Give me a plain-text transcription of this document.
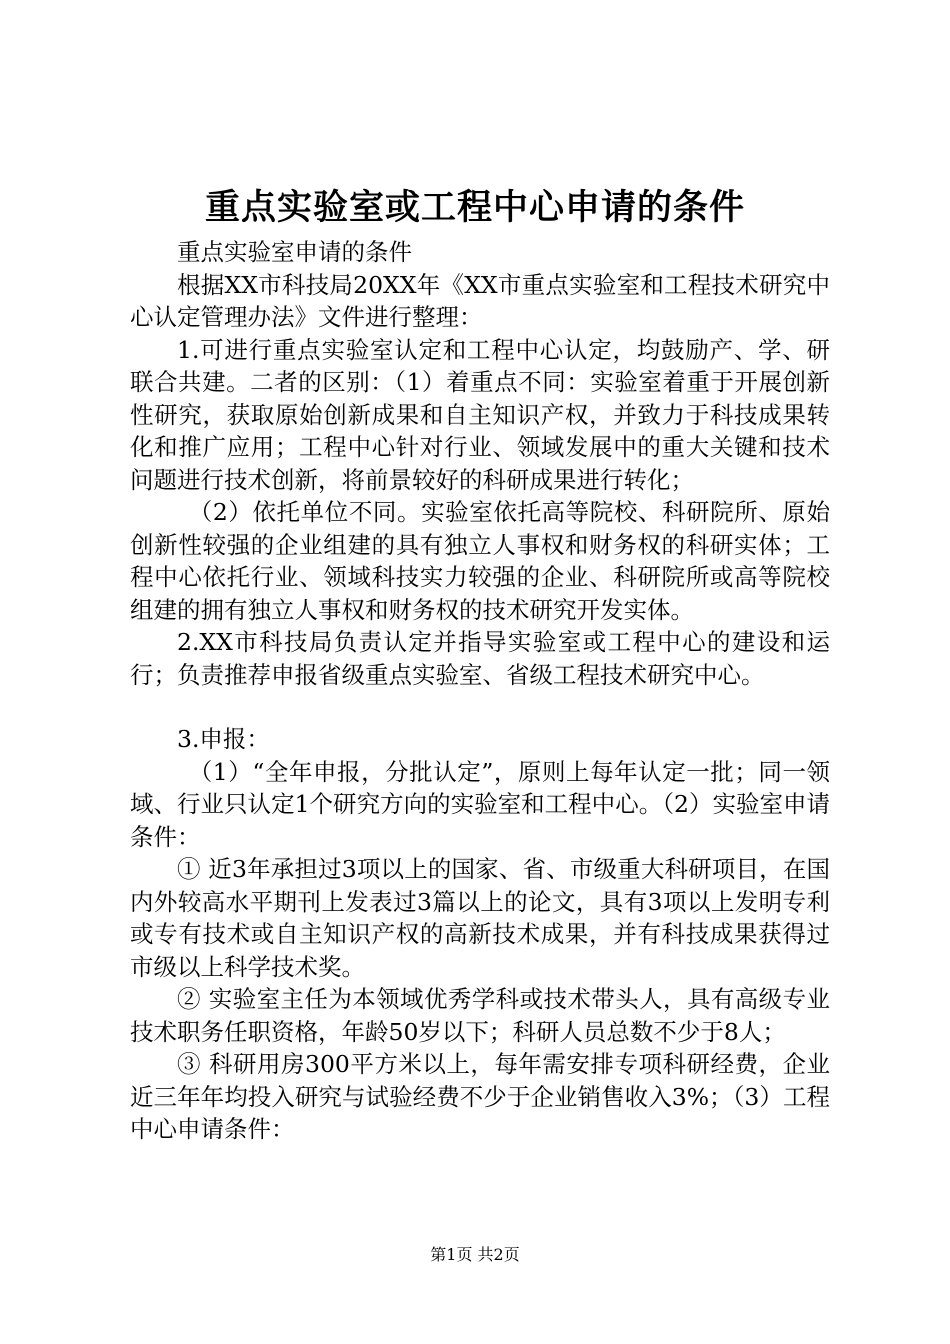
重点实验室或工程中心申请的条件

重点实验室申请的条件

根据XX市科技局20XX年《XX市重点实验室和工程技术研究中心认定管理办法》文件进行整理：

1.可进行重点实验室认定和工程中心认定，均鼓励产、学、研联合共建。二者的区别：（1）着重点不同：实验室着重于开展创新性研究，获取原始创新成果和自主知识产权，并致力于科技成果转化和推广应用；工程中心针对行业、领域发展中的重大关键和技术问题进行技术创新，将前景较好的科研成果进行转化；

（2）依托单位不同。实验室依托高等院校、科研院所、原始创新性较强的企业组建的具有独立人事权和财务权的科研实体；工程中心依托行业、领域科技实力较强的企业、科研院所或高等院校组建的拥有独立人事权和财务权的技术研究开发实体。

2.XX市科技局负责认定并指导实验室或工程中心的建设和运行；负责推荐申报省级重点实验室、省级工程技术研究中心。

3.申报：

（1）“全年申报，分批认定”，原则上每年认定一批；同一领域、行业只认定1个研究方向的实验室和工程中心。（2）实验室申请条件：

① 近3年承担过3项以上的国家、省、市级重大科研项目，在国内外较高水平期刊上发表过3篇以上的论文，具有3项以上发明专利或专有技术或自主知识产权的高新技术成果，并有科技成果获得过市级以上科学技术奖。

② 实验室主任为本领域优秀学科或技术带头人，具有高级专业技术职务任职资格，年龄50岁以下；科研人员总数不少于8人；

③ 科研用房300平方米以上，每年需安排专项科研经费，企业近三年年均投入研究与试验经费不少于企业销售收入3%；（3）工程中心申请条件：

第1页 共2页
